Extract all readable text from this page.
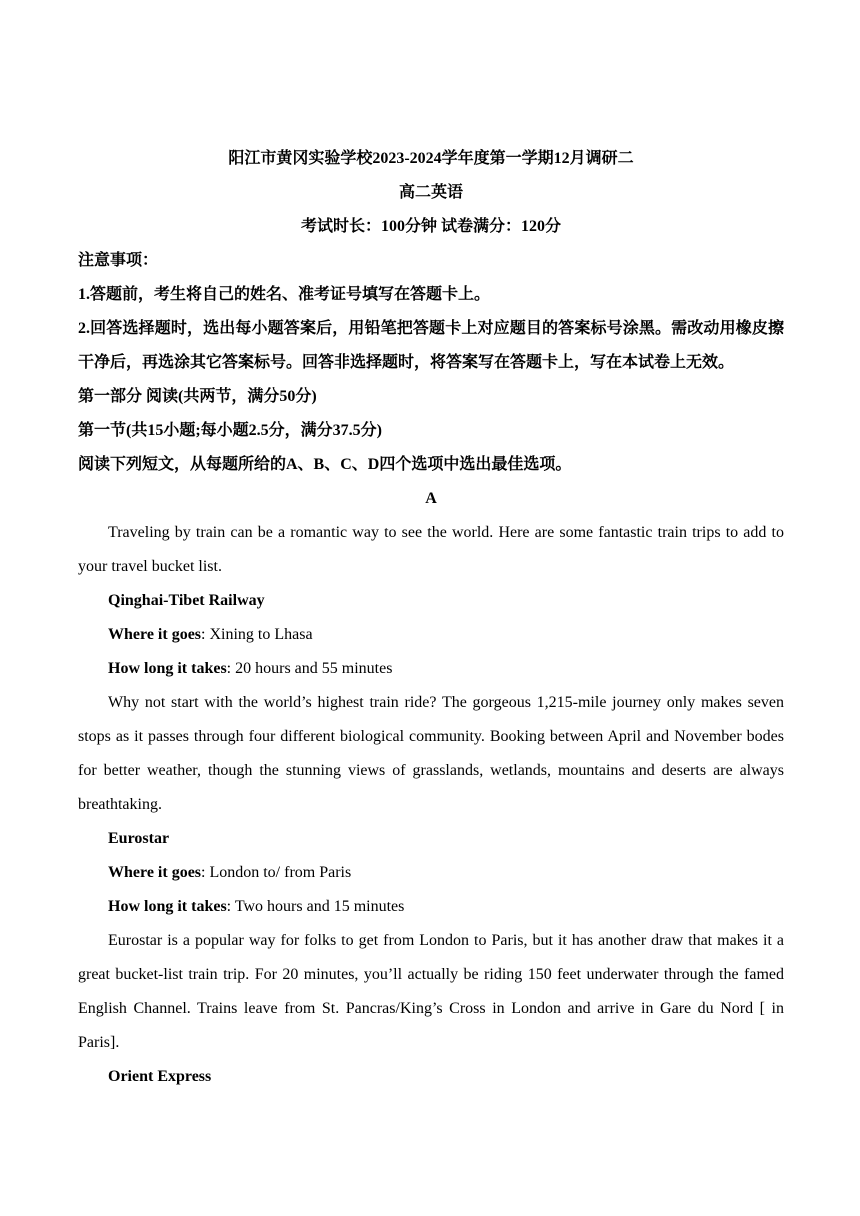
阳江市黄冈实验学校2023-2024学年度第一学期12月调研二
高二英语
考试时长：100分钟 试卷满分：120分
注意事项：
1.答题前，考生将自己的姓名、准考证号填写在答题卡上。

2.回答选择题时，选出每小题答案后，用铅笔把答题卡上对应题目的答案标号涂黑。需改动用橡皮擦干净后，再选涂其它答案标号。回答非选择题时，将答案写在答题卡上，写在本试卷上无效。

第一部分 阅读(共两节，满分50分)
第一节(共15小题;每小题2.5分，满分37.5分)
阅读下列短文，从每题所给的A、B、C、D四个选项中选出最佳选项。
A

Traveling by train can be a romantic way to see the world. Here are some fantastic train trips to add to your travel bucket list.

Qinghai-Tibet Railway
Where it goes: Xining to Lhasa
How long it takes: 20 hours and 55 minutes

Why not start with the world’s highest train ride? The gorgeous 1,215-mile journey only makes seven stops as it passes through four different biological community. Booking between April and November bodes for better weather, though the stunning views of grasslands, wetlands, mountains and deserts are always breathtaking.

Eurostar
Where it goes: London to/ from Paris
How long it takes: Two hours and 15 minutes

Eurostar is a popular way for folks to get from London to Paris, but it has another draw that makes it a great bucket-list train trip. For 20 minutes, you’ll actually be riding 150 feet underwater through the famed English Channel. Trains leave from St. Pancras/King’s Cross in London and arrive in Gare du Nord [ in Paris].

Orient Express
